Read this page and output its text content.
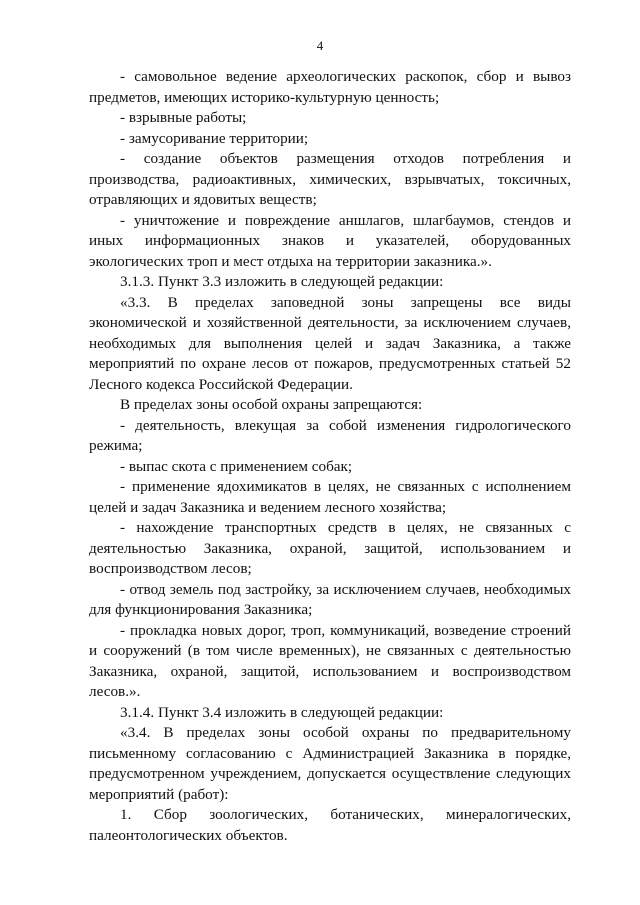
4

- самовольное ведение археологических раскопок, сбор и вывоз предметов, имеющих историко-культурную ценность;

- взрывные работы;

- замусоривание территории;

- создание объектов размещения отходов потребления и производства, радиоактивных, химических, взрывчатых, токсичных, отравляющих и ядовитых веществ;

- уничтожение и повреждение аншлагов, шлагбаумов, стендов и иных информационных знаков и указателей, оборудованных экологических троп и мест отдыха на территории заказника.».

3.1.3. Пункт 3.3 изложить в следующей редакции:

«3.3. В пределах заповедной зоны запрещены все виды экономической и хозяйственной деятельности, за исключением случаев, необходимых для выполнения целей и задач Заказника, а также мероприятий по охране лесов от пожаров, предусмотренных статьей 52 Лесного кодекса Российской Федерации.

В пределах зоны особой охраны запрещаются:

- деятельность, влекущая за собой изменения гидрологического режима;

- выпас скота с применением собак;

- применение ядохимикатов в целях, не связанных с исполнением целей и задач Заказника и ведением лесного хозяйства;

- нахождение транспортных средств в целях, не связанных с деятельностью Заказника, охраной, защитой, использованием и воспроизводством лесов;

- отвод земель под застройку, за исключением случаев, необходимых для функционирования Заказника;

- прокладка новых дорог, троп, коммуникаций, возведение строений и сооружений (в том числе временных), не связанных с деятельностью Заказника, охраной, защитой, использованием и воспроизводством лесов.».

3.1.4. Пункт 3.4 изложить в следующей редакции:

«3.4. В пределах зоны особой охраны по предварительному письменному согласованию с Администрацией Заказника в порядке, предусмотренном учреждением, допускается осуществление следующих мероприятий (работ):

1. Сбор зоологических, ботанических, минералогических, палеонтологических объектов.
